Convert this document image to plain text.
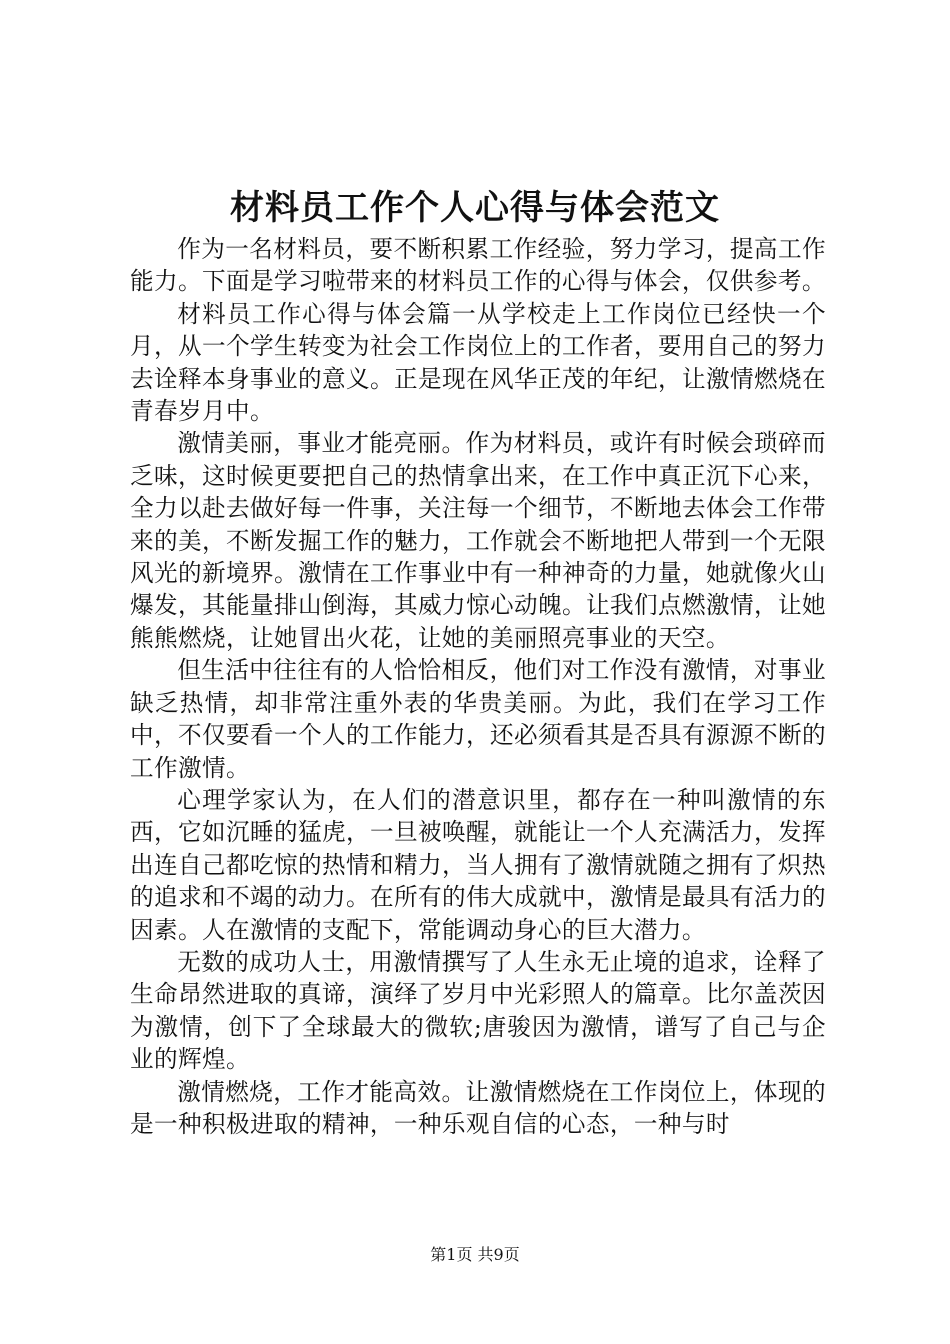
材料员工作个人心得与体会范文

作为一名材料员，要不断积累工作经验，努力学习，提高工作能力。下面是学习啦带来的材料员工作的心得与体会，仅供参考。

材料员工作心得与体会篇一从学校走上工作岗位已经快一个月，从一个学生转变为社会工作岗位上的工作者，要用自己的努力去诠释本身事业的意义。正是现在风华正茂的年纪，让激情燃烧在青春岁月中。

激情美丽，事业才能亮丽。作为材料员，或许有时候会琐碎而乏味，这时候更要把自己的热情拿出来，在工作中真正沉下心来，全力以赴去做好每一件事，关注每一个细节，不断地去体会工作带来的美，不断发掘工作的魅力，工作就会不断地把人带到一个无限风光的新境界。激情在工作事业中有一种神奇的力量，她就像火山爆发，其能量排山倒海，其威力惊心动魄。让我们点燃激情，让她熊熊燃烧，让她冒出火花，让她的美丽照亮事业的天空。

但生活中往往有的人恰恰相反，他们对工作没有激情，对事业缺乏热情，却非常注重外表的华贵美丽。为此，我们在学习工作中，不仅要看一个人的工作能力，还必须看其是否具有源源不断的工作激情。

心理学家认为，在人们的潜意识里，都存在一种叫激情的东西，它如沉睡的猛虎，一旦被唤醒，就能让一个人充满活力，发挥出连自己都吃惊的热情和精力，当人拥有了激情就随之拥有了炽热的追求和不竭的动力。在所有的伟大成就中，激情是最具有活力的因素。人在激情的支配下，常能调动身心的巨大潜力。

无数的成功人士，用激情撰写了人生永无止境的追求，诠释了生命昂然进取的真谛，演绎了岁月中光彩照人的篇章。比尔盖茨因为激情，创下了全球最大的微软;唐骏因为激情，谱写了自己与企业的辉煌。

激情燃烧，工作才能高效。让激情燃烧在工作岗位上，体现的是一种积极进取的精神，一种乐观自信的心态，一种与时

第1页 共9页
